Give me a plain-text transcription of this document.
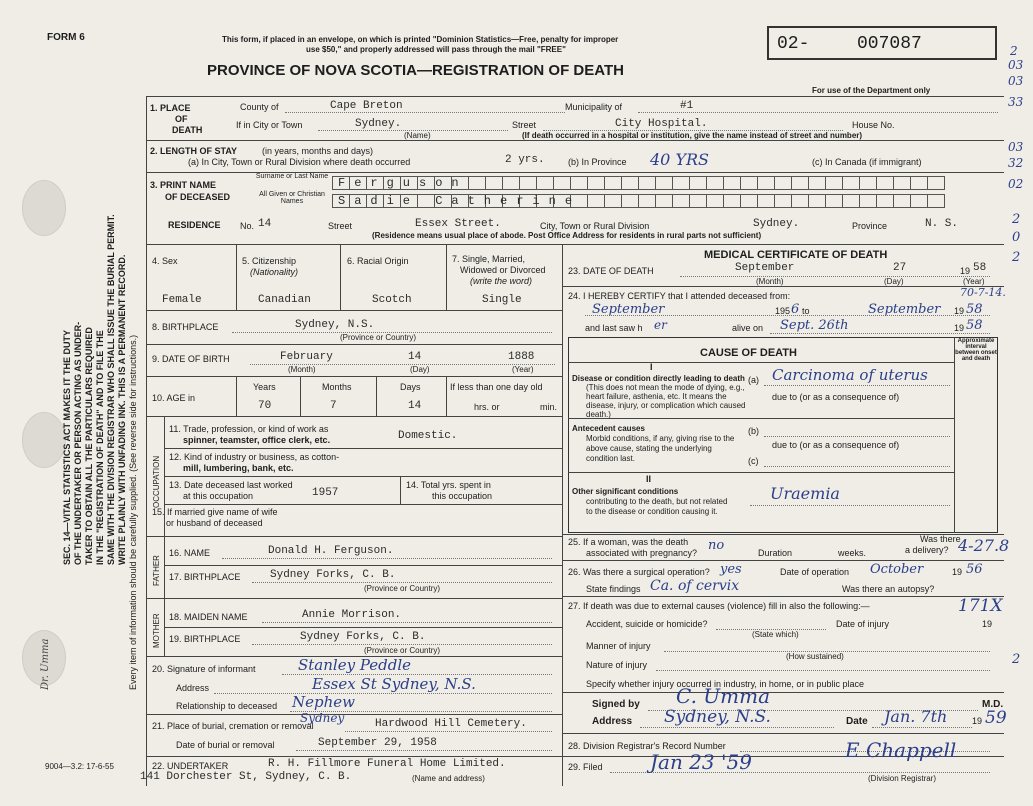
FORM 6	This form, if placed in an envelope, on which is printed "Dominion Statistics—Free, penalty for improper
use $50," and properly addressed will pass through the mail "FREE"
PROVINCE OF NOVA SCOTIA—REGISTRATION OF DEATH
02-	007087
For use of the Department only
2
03
03
33
03
32
02
2
0
2
2
Dr. Umma
SEC. 14—VITAL STATISTICS ACT MAKES IT THE DUTY OF THE UNDERTAKER OR PERSON ACTING AS UNDER- TAKER TO OBTAIN ALL THE PARTICULARS REQUIRED IN THE "REGISTRATION OF DEATH" AND TO FILE THE SAME WITH THE DIVISION REGISTRAR WHO SHALL ISSUE THE BURIAL PERMIT. WRITE PLAINLY WITH UNFADING INK. THIS IS A PERMANENT RECORD. Every item of information should be carefully supplied. (See reverse side for instructions.)
9004—3.2: 17-6-55
1. PLACE
OF
DEATH
County of	Cape Breton	Municipality of	#1
If in City or Town	Sydney.
(Name)
Street	City Hospital.	House No.
(If death occurred in a hospital or institution, give the name instead of street and number)
2. LENGTH OF STAY	(in years, months and days)
(a) In City, Town or Rural Division where death occurred	2 yrs.	(b) In Province 40 YRS	(c) In Canada (if immigrant)
3. PRINT NAME
OF DECEASED
Surname or Last Name
All Given or Christian Names
Ferguson
Sadie Catherine
RESIDENCE No. 14	Street	Essex Street.	City, Town or Rural Division	Sydney.	Province	N. S.
(Residence means usual place of abode. Post Office Address for residents in rural parts not sufficient)
4. Sex
Female
5. Citizenship
(Nationality)
Canadian
6. Racial Origin
Scotch
7. Single, Married,
Widowed or Divorced
(write the word)
Single
8. BIRTHPLACE	Sydney, N.S.
(Province or Country)
9. DATE OF BIRTH	February	14	1888
(Month)	(Day)	(Year)
10. AGE in
Years	Months	Days	If less than one day old
70	7	14	hrs. or	min.
OCCUPATION
11. Trade, profession, or kind of work as
spinner, teamster, office clerk, etc.	Domestic.
12. Kind of industry or business, as cotton-
mill, lumbering, bank, etc.
13. Date deceased last worked
at this occupation	1957
14. Total yrs. spent in
this occupation
15. If married give name of wife
or husband of deceased
FATHER
16. NAME	Donald H. Ferguson.
17. BIRTHPLACE	Sydney Forks, C. B.
(Province or Country)
MOTHER 18. MAIDEN NAME	Annie Morrison.
19. BIRTHPLACE	Sydney Forks, C. B.
(Province or Country)
20. Signature of informant	Stanley Peddle
Address	Essex St Sydney, N.S.
Relationship to deceased Nephew
21. Place of burial, cremation or removal
Sydney	Hardwood Hill Cemetery.
Date of burial or removal	September 29, 1958
22. UNDERTAKER	R. H. Fillmore Funeral Home Limited.
141 Dorchester St, Sydney, C. B.	(Name and address)
MEDICAL CERTIFICATE OF DEATH
23. DATE OF DEATH	September	27	19 58
(Month)	(Day)	(Year)
24. I HEREBY CERTIFY that I attended deceased from:	70-7-14.
September	195 6 to	September 19 58
and last saw h er	alive on Sept. 26th	19 58
CAUSE OF DEATH
Approximate interval between onset and death
I
Disease or condition directly leading to death
(This does not mean the mode of dying, e.g., heart failure, asthenia, etc. It means the disease, injury, or complication which caused death.)
(a) Carcinoma of uterus
due to (or as a consequence of)
Antecedent causes
Morbid conditions, if any, giving rise to the above cause, stating the underlying condition last.
(b)
due to (or as a consequence of)
(c)
II
Other significant conditions
contributing to the death, but not related to the disease or condition causing it.
Uraemia
25. If a woman, was the death
associated with pregnancy? no	Duration	weeks.
Was there
a delivery? 4-27.8
26. Was there a surgical operation? yes	Date of operation October	19 56
State findings Ca. of cervix	Was there an autopsy?
27. If death was due to external causes (violence) fill in also the following:—	171X
Accident, suicide or homicide?
(State which)
Date of injury	19
Manner of injury
(How sustained)
Nature of injury
Specify whether injury occurred in industry, in home, or in public place
Signed by C. Umma	M.D.
Address Sydney, N.S.	Date Jan. 7th	19 59
28. Division Registrar's Record Number
29. Filed Jan 23 '59	E Chappell
(Division Registrar)
